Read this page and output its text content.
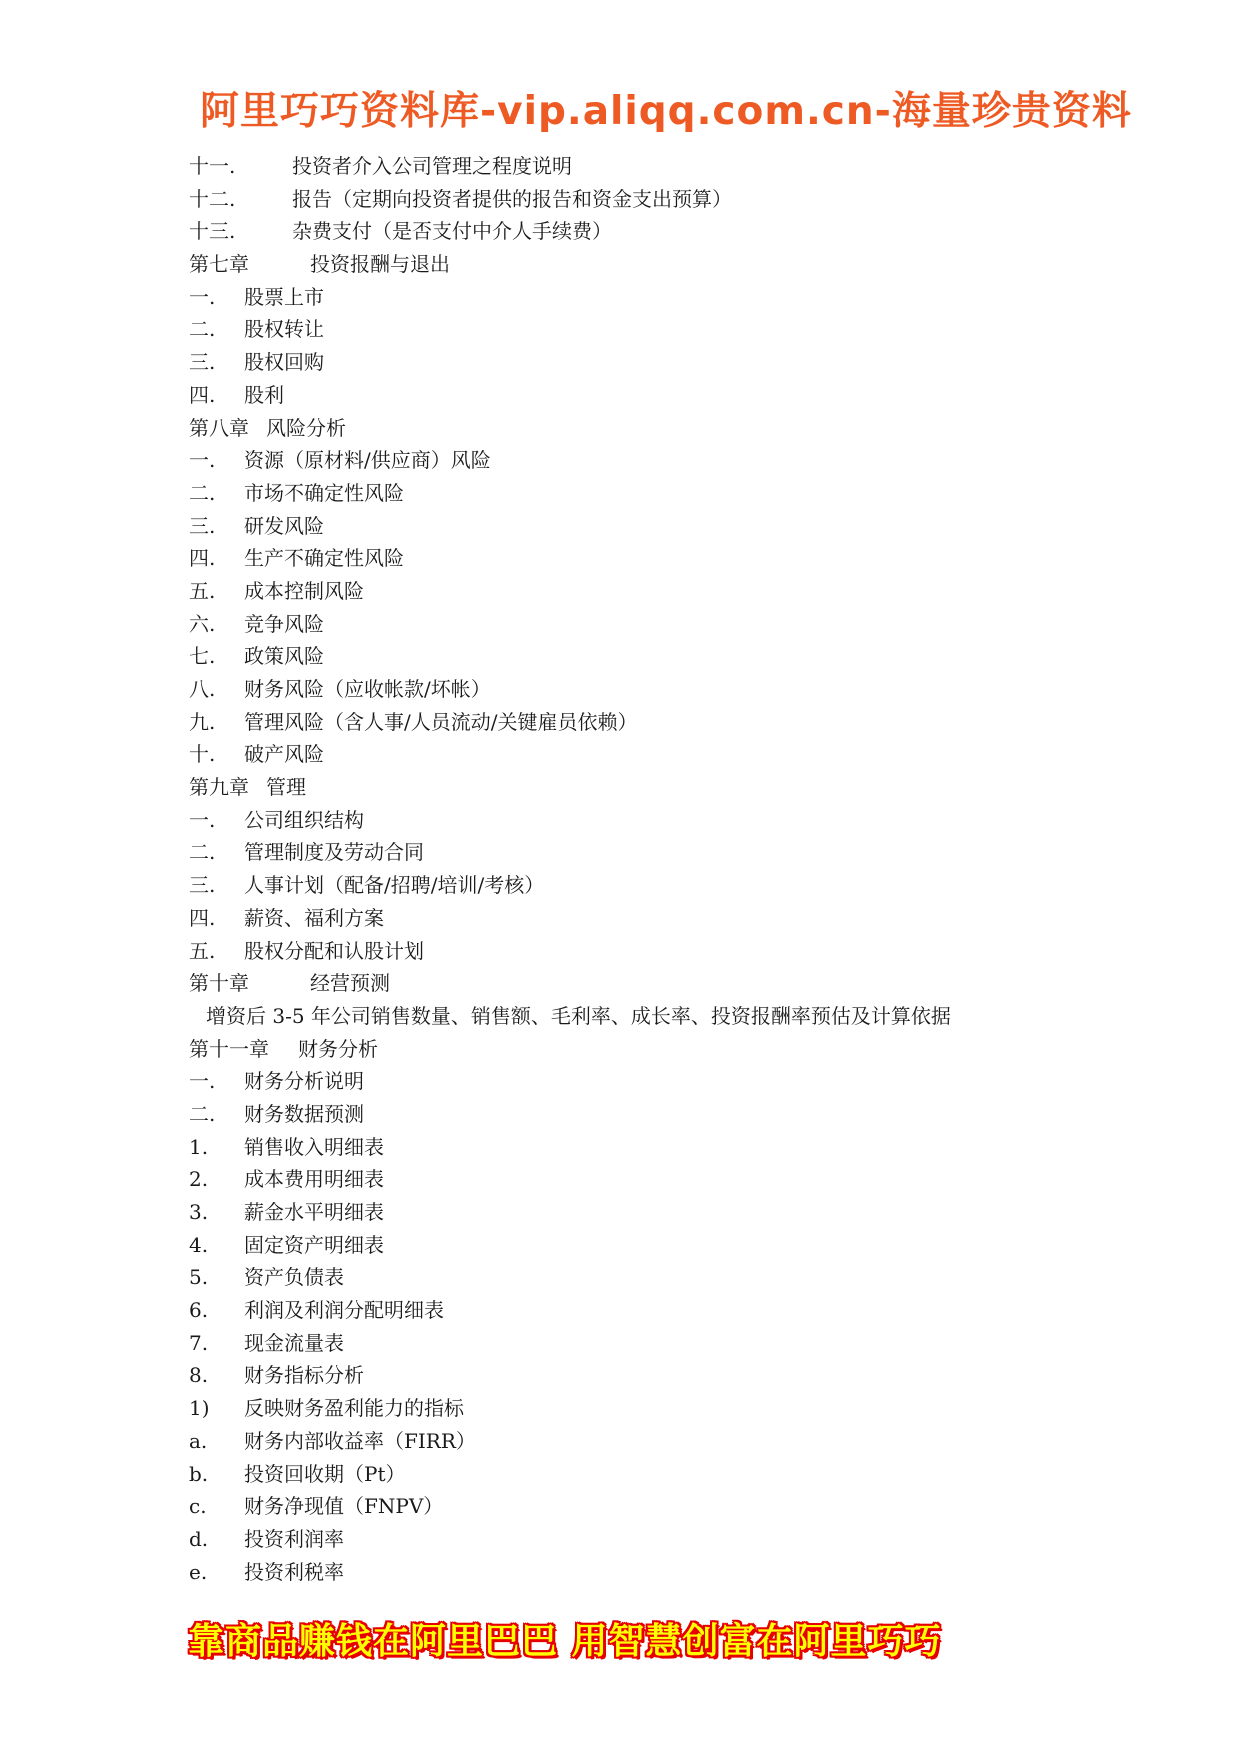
阿里巧巧资料库-vip.aliqq.com.cn-海量珍贵资料
十一.	投资者介入公司管理之程度说明
十二.	报告（定期向投资者提供的报告和资金支出预算）
十三.	杂费支付（是否支付中介人手续费）
第七章	投资报酬与退出
一.	股票上市
二.	股权转让
三.	股权回购
四.	股利
第八章 风险分析
一.	资源（原材料/供应商）风险
二.	市场不确定性风险
三.	研发风险
四.	生产不确定性风险
五.	成本控制风险
六.	竞争风险
七.	政策风险
八.	财务风险（应收帐款/坏帐）
九.	管理风险（含人事/人员流动/关键雇员依赖）
十.	破产风险
第九章 管理
一.	公司组织结构
二.	管理制度及劳动合同
三.	人事计划（配备/招聘/培训/考核）
四.	薪资、福利方案
五.	股权分配和认股计划
第十章	经营预测
增资后 3-5 年公司销售数量、销售额、毛利率、成长率、投资报酬率预估及计算依据
第十一章	财务分析
一.	财务分析说明
二.	财务数据预测
1.	销售收入明细表
2.	成本费用明细表
3.	薪金水平明细表
4.	固定资产明细表
5.	资产负债表
6.	利润及利润分配明细表
7.	现金流量表
8.	财务指标分析
1)	反映财务盈利能力的指标
a.	财务内部收益率（FIRR）
b.	投资回收期（Pt）
c.	财务净现值（FNPV）
d.	投资利润率
e.	投资利税率
靠商品赚钱在阿里巴巴 用智慧创富在阿里巧巧
